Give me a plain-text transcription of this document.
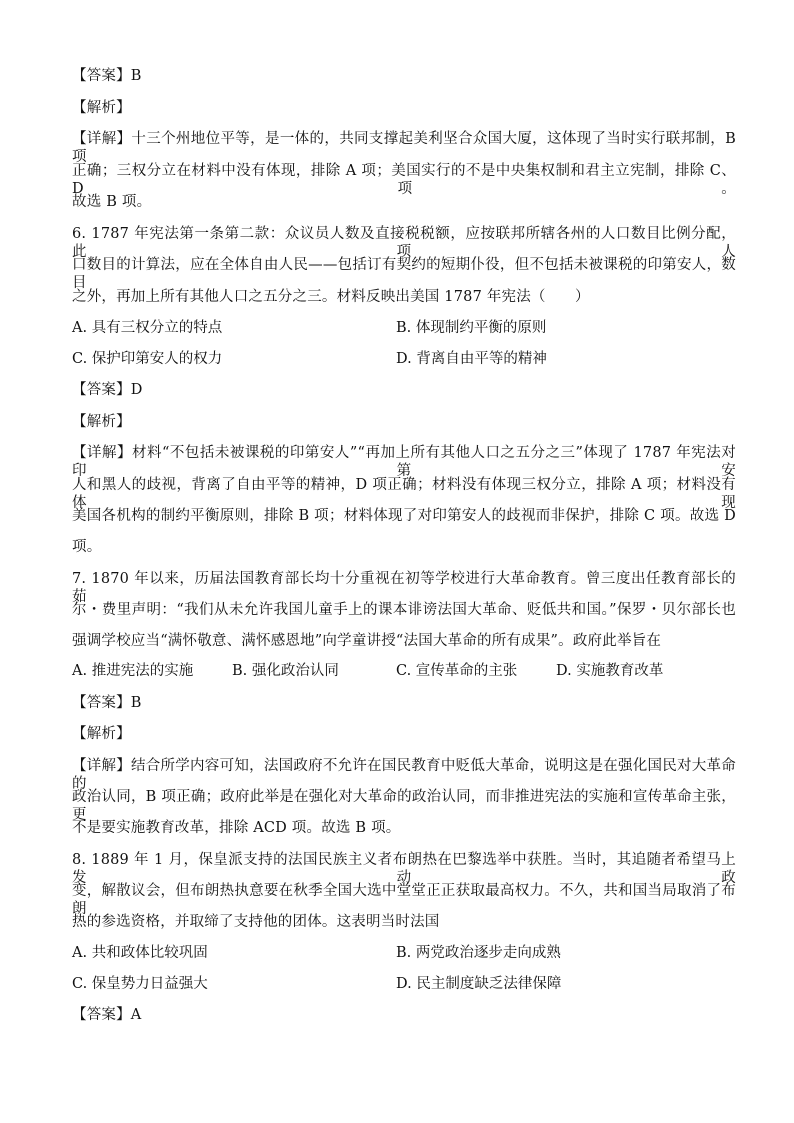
【答案】B
【解析】
【详解】十三个州地位平等，是一体的，共同支撑起美利坚合众国大厦，这体现了当时实行联邦制，B 项
正确；三权分立在材料中没有体现，排除 A 项；美国实行的不是中央集权制和君主立宪制，排除 C、D 项。
故选 B 项。
6. 1787 年宪法第一条第二款：众议员人数及直接税税额，应按联邦所辖各州的人口数目比例分配，此项人
口数目的计算法，应在全体自由人民——包括订有契约的短期仆役，但不包括未被课税的印第安人，数目
之外，再加上所有其他人口之五分之三。材料反映出美国 1787 年宪法（　　）
A. 具有三权分立的特点	B. 体现制约平衡的原则
C. 保护印第安人的权力	D. 背离自由平等的精神
【答案】D
【解析】
【详解】材料“不包括未被课税的印第安人”“再加上所有其他人口之五分之三”体现了 1787 年宪法对印第安
人和黑人的歧视，背离了自由平等的精神，D 项正确；材料没有体现三权分立，排除 A 项；材料没有体现
美国各机构的制约平衡原则，排除 B 项；材料体现了对印第安人的歧视而非保护，排除 C 项。故选 D
项。
7. 1870 年以来，历届法国教育部长均十分重视在初等学校进行大革命教育。曾三度出任教育部长的茹
尔・费里声明：“我们从未允许我国儿童手上的课本诽谤法国大革命、贬低共和国。”保罗・贝尔部长也
强调学校应当“满怀敬意、满怀感恩地”向学童讲授“法国大革命的所有成果”。政府此举旨在
A. 推进宪法的实施	B. 强化政治认同	C. 宣传革命的主张	D. 实施教育改革
【答案】B
【解析】
【详解】结合所学内容可知，法国政府不允许在国民教育中贬低大革命，说明这是在强化国民对大革命的
政治认同，B 项正确；政府此举是在强化对大革命的政治认同，而非推进宪法的实施和宣传革命主张，更
不是要实施教育改革，排除 ACD 项。故选 B 项。
8. 1889 年 1 月，保皇派支持的法国民族主义者布朗热在巴黎选举中获胜。当时，其追随者希望马上发动政
变，解散议会，但布朗热执意要在秋季全国大选中堂堂正正获取最高权力。不久，共和国当局取消了布朗
热的参选资格，并取缔了支持他的团体。这表明当时法国
A. 共和政体比较巩固	B. 两党政治逐步走向成熟
C. 保皇势力日益强大	D. 民主制度缺乏法律保障
【答案】A
